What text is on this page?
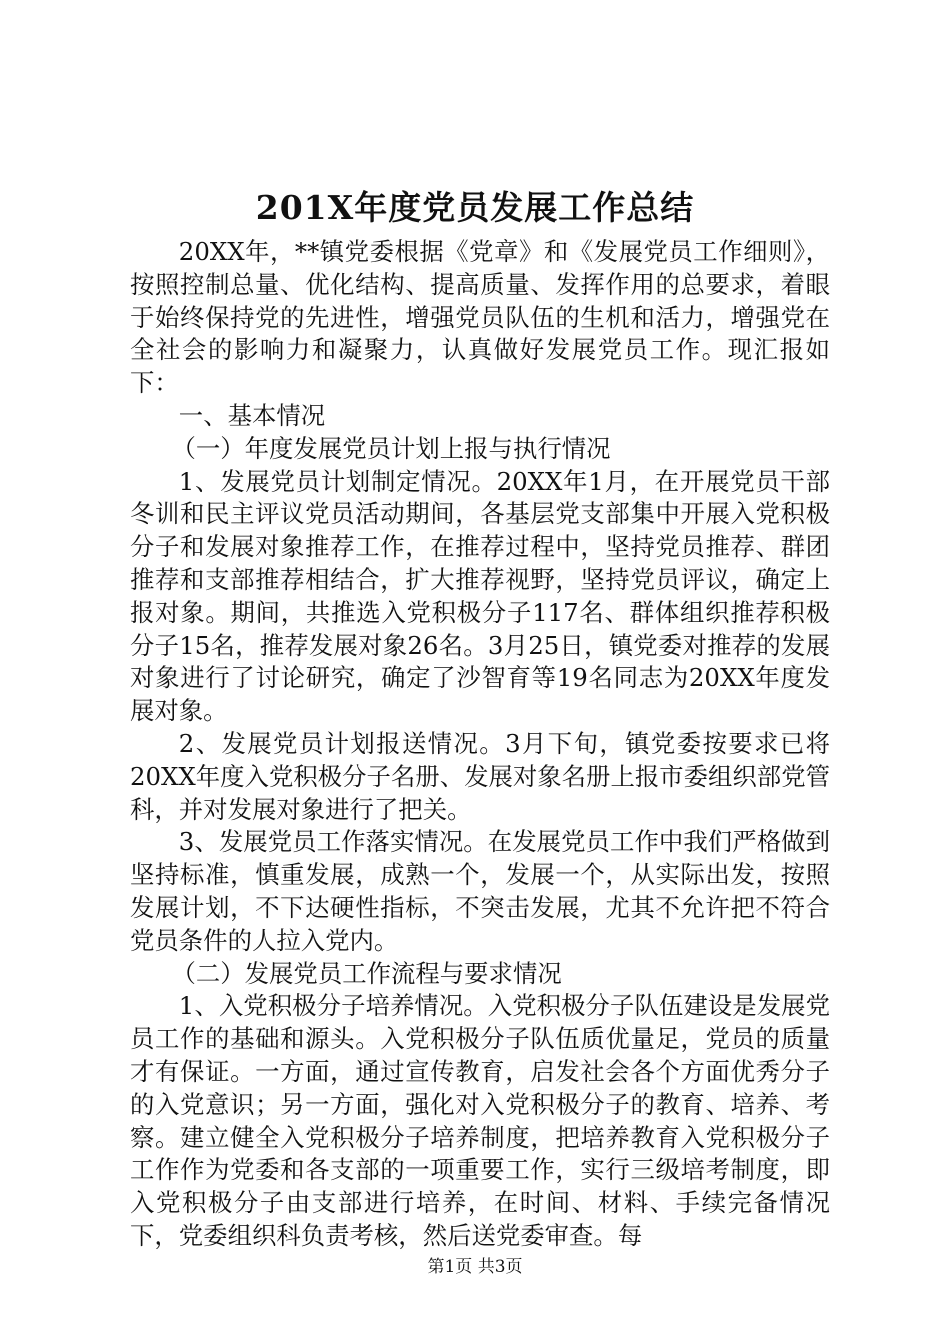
201X年度党员发展工作总结

20XX年，**镇党委根据《党章》和《发展党员工作细则》，按照控制总量、优化结构、提高质量、发挥作用的总要求，着眼于始终保持党的先进性，增强党员队伍的生机和活力，增强党在全社会的影响力和凝聚力，认真做好发展党员工作。现汇报如下：

一、基本情况

（一）年度发展党员计划上报与执行情况

1、发展党员计划制定情况。20XX年1月，在开展党员干部冬训和民主评议党员活动期间，各基层党支部集中开展入党积极分子和发展对象推荐工作，在推荐过程中，坚持党员推荐、群团推荐和支部推荐相结合，扩大推荐视野，坚持党员评议，确定上报对象。期间，共推选入党积极分子117名、群体组织推荐积极分子15名，推荐发展对象26名。3月25日，镇党委对推荐的发展对象进行了讨论研究，确定了沙智育等19名同志为20XX年度发展对象。

2、发展党员计划报送情况。3月下旬，镇党委按要求已将20XX年度入党积极分子名册、发展对象名册上报市委组织部党管科，并对发展对象进行了把关。

3、发展党员工作落实情况。在发展党员工作中我们严格做到坚持标准，慎重发展，成熟一个，发展一个，从实际出发，按照发展计划，不下达硬性指标，不突击发展，尤其不允许把不符合党员条件的人拉入党内。

（二）发展党员工作流程与要求情况

1、入党积极分子培养情况。入党积极分子队伍建设是发展党员工作的基础和源头。入党积极分子队伍质优量足，党员的质量才有保证。一方面，通过宣传教育，启发社会各个方面优秀分子的入党意识；另一方面，强化对入党积极分子的教育、培养、考察。建立健全入党积极分子培养制度，把培养教育入党积极分子工作作为党委和各支部的一项重要工作，实行三级培考制度，即入党积极分子由支部进行培养，在时间、材料、手续完备情况下，党委组织科负责考核，然后送党委审查。每

第1页 共3页
